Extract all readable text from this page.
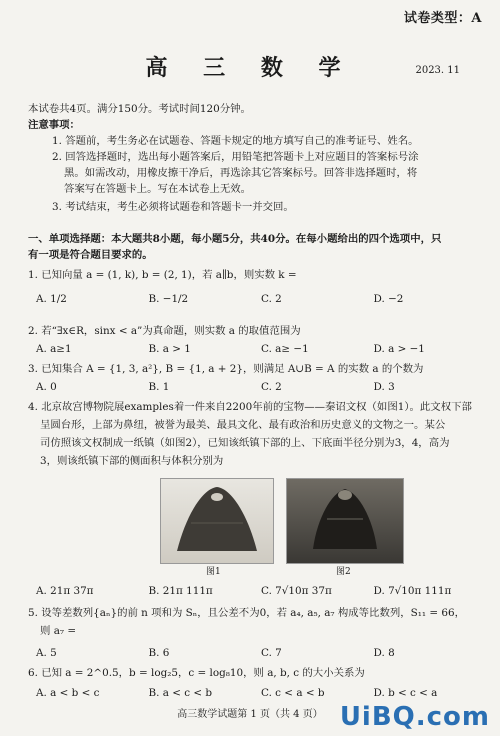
试卷类型：A
高 三 数 学	2023. 11
本试卷共4页。满分150分。考试时间120分钟。
注意事项：
1. 答题前，考生务必在试题卷、答题卡规定的地方填写自己的准考证号、姓名。
2. 回答选择题时，选出每小题答案后，用铅笔把答题卡上对应题目的答案标号涂
黑。如需改动，用橡皮擦干净后，再选涂其它答案标号。回答非选择题时，将
答案写在答题卡上。写在本试卷上无效。
3. 考试结束，考生必须将试题卷和答题卡一并交回。
一、单项选择题：本大题共8小题，每小题5分，共40分。在每小题给出的四个选项中，只
有一项是符合题目要求的。
1. 已知向量 a = (1, k), b = (2, 1)，若 a∥b，则实数 k =
A. 1/2	B. −1/2	C. 2	D. −2
2. 若“∃x∈R，sinx < a”为真命题，则实数 a 的取值范围为
A. a≥1	B. a > 1	C. a≥ −1	D. a > −1
3. 已知集合 A = {1, 3, a²}, B = {1, a + 2}，则满足 A∪B = A 的实数 a 的个数为
A. 0	B. 1	C. 2	D. 3
4. 北京故宫博物院展examples着一件来自2200年前的宝物——秦诏文权（如图1）。此文权下部
呈圆台形，上部为鼻纽，被誉为最美、最具文化、最有政治和历史意义的文物之一。某公
司仿照该文权制成一纸镇（如图2），已知该纸镇下部的上、下底面半径分别为3，4，高为
3，则该纸镇下部的侧面积与体积分别为
图1	图2
A. 21π 37π	B. 21π 111π	C. 7√10π 37π	D. 7√10π 111π
5. 设等差数列{aₙ}的前 n 项和为 Sₙ，且公差不为0，若 a₄, a₅, a₇ 构成等比数列，S₁₁ = 66，
则 a₇ =
A. 5	B. 6	C. 7	D. 8
6. 已知 a = 2^0.5，b = log₂5，c = log₈10，则 a, b, c 的大小关系为
A. a < b < c	B. a < c < b	C. c < a < b	D. b < c < a
高三数学试题第 1 页（共 4 页） UiBQ.com
